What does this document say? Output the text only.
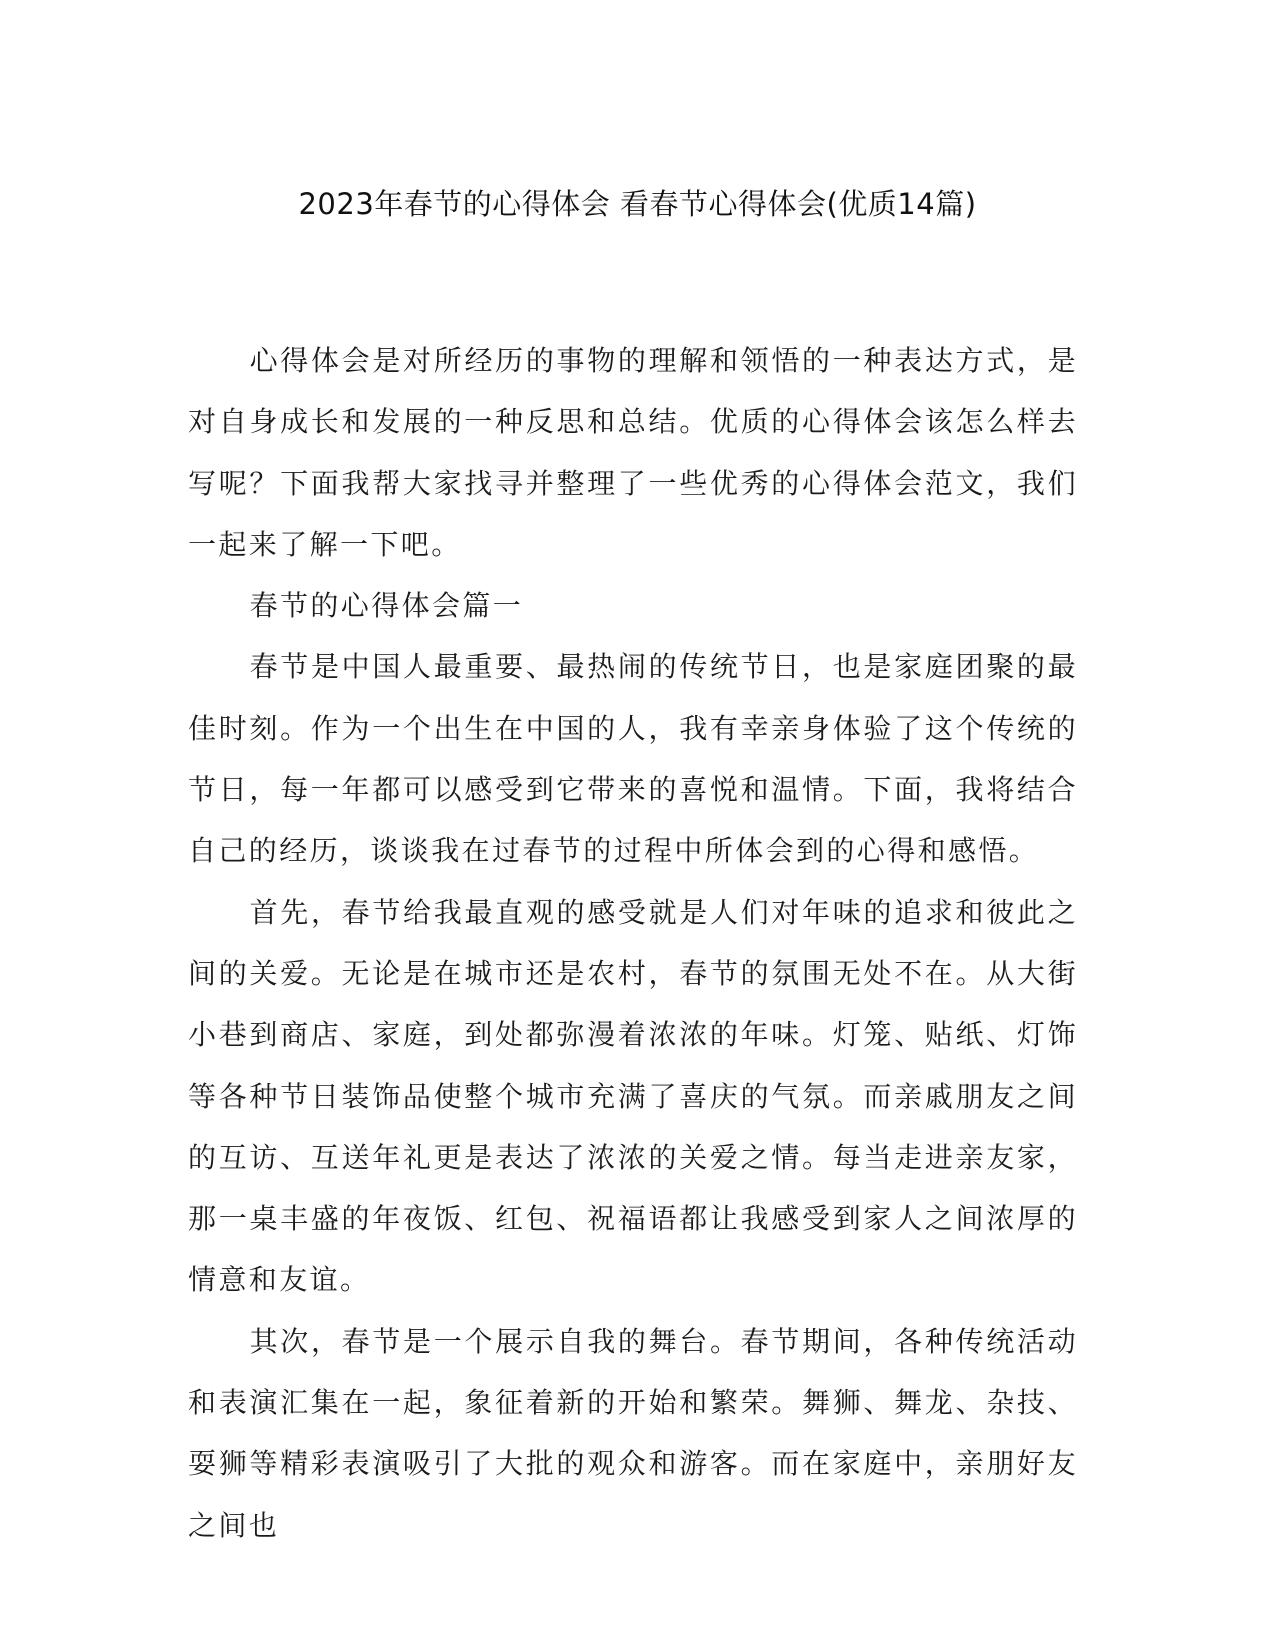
2023年春节的心得体会 看春节心得体会(优质14篇)

心得体会是对所经历的事物的理解和领悟的一种表达方式，是对自身成长和发展的一种反思和总结。优质的心得体会该怎么样去写呢？下面我帮大家找寻并整理了一些优秀的心得体会范文，我们一起来了解一下吧。

春节的心得体会篇一

春节是中国人最重要、最热闹的传统节日，也是家庭团聚的最佳时刻。作为一个出生在中国的人，我有幸亲身体验了这个传统的节日，每一年都可以感受到它带来的喜悦和温情。下面，我将结合自己的经历，谈谈我在过春节的过程中所体会到的心得和感悟。

首先，春节给我最直观的感受就是人们对年味的追求和彼此之间的关爱。无论是在城市还是农村，春节的氛围无处不在。从大街小巷到商店、家庭，到处都弥漫着浓浓的年味。灯笼、贴纸、灯饰等各种节日装饰品使整个城市充满了喜庆的气氛。而亲戚朋友之间的互访、互送年礼更是表达了浓浓的关爱之情。每当走进亲友家，那一桌丰盛的年夜饭、红包、祝福语都让我感受到家人之间浓厚的情意和友谊。

其次，春节是一个展示自我的舞台。春节期间，各种传统活动和表演汇集在一起，象征着新的开始和繁荣。舞狮、舞龙、杂技、耍狮等精彩表演吸引了大批的观众和游客。而在家庭中，亲朋好友之间也
